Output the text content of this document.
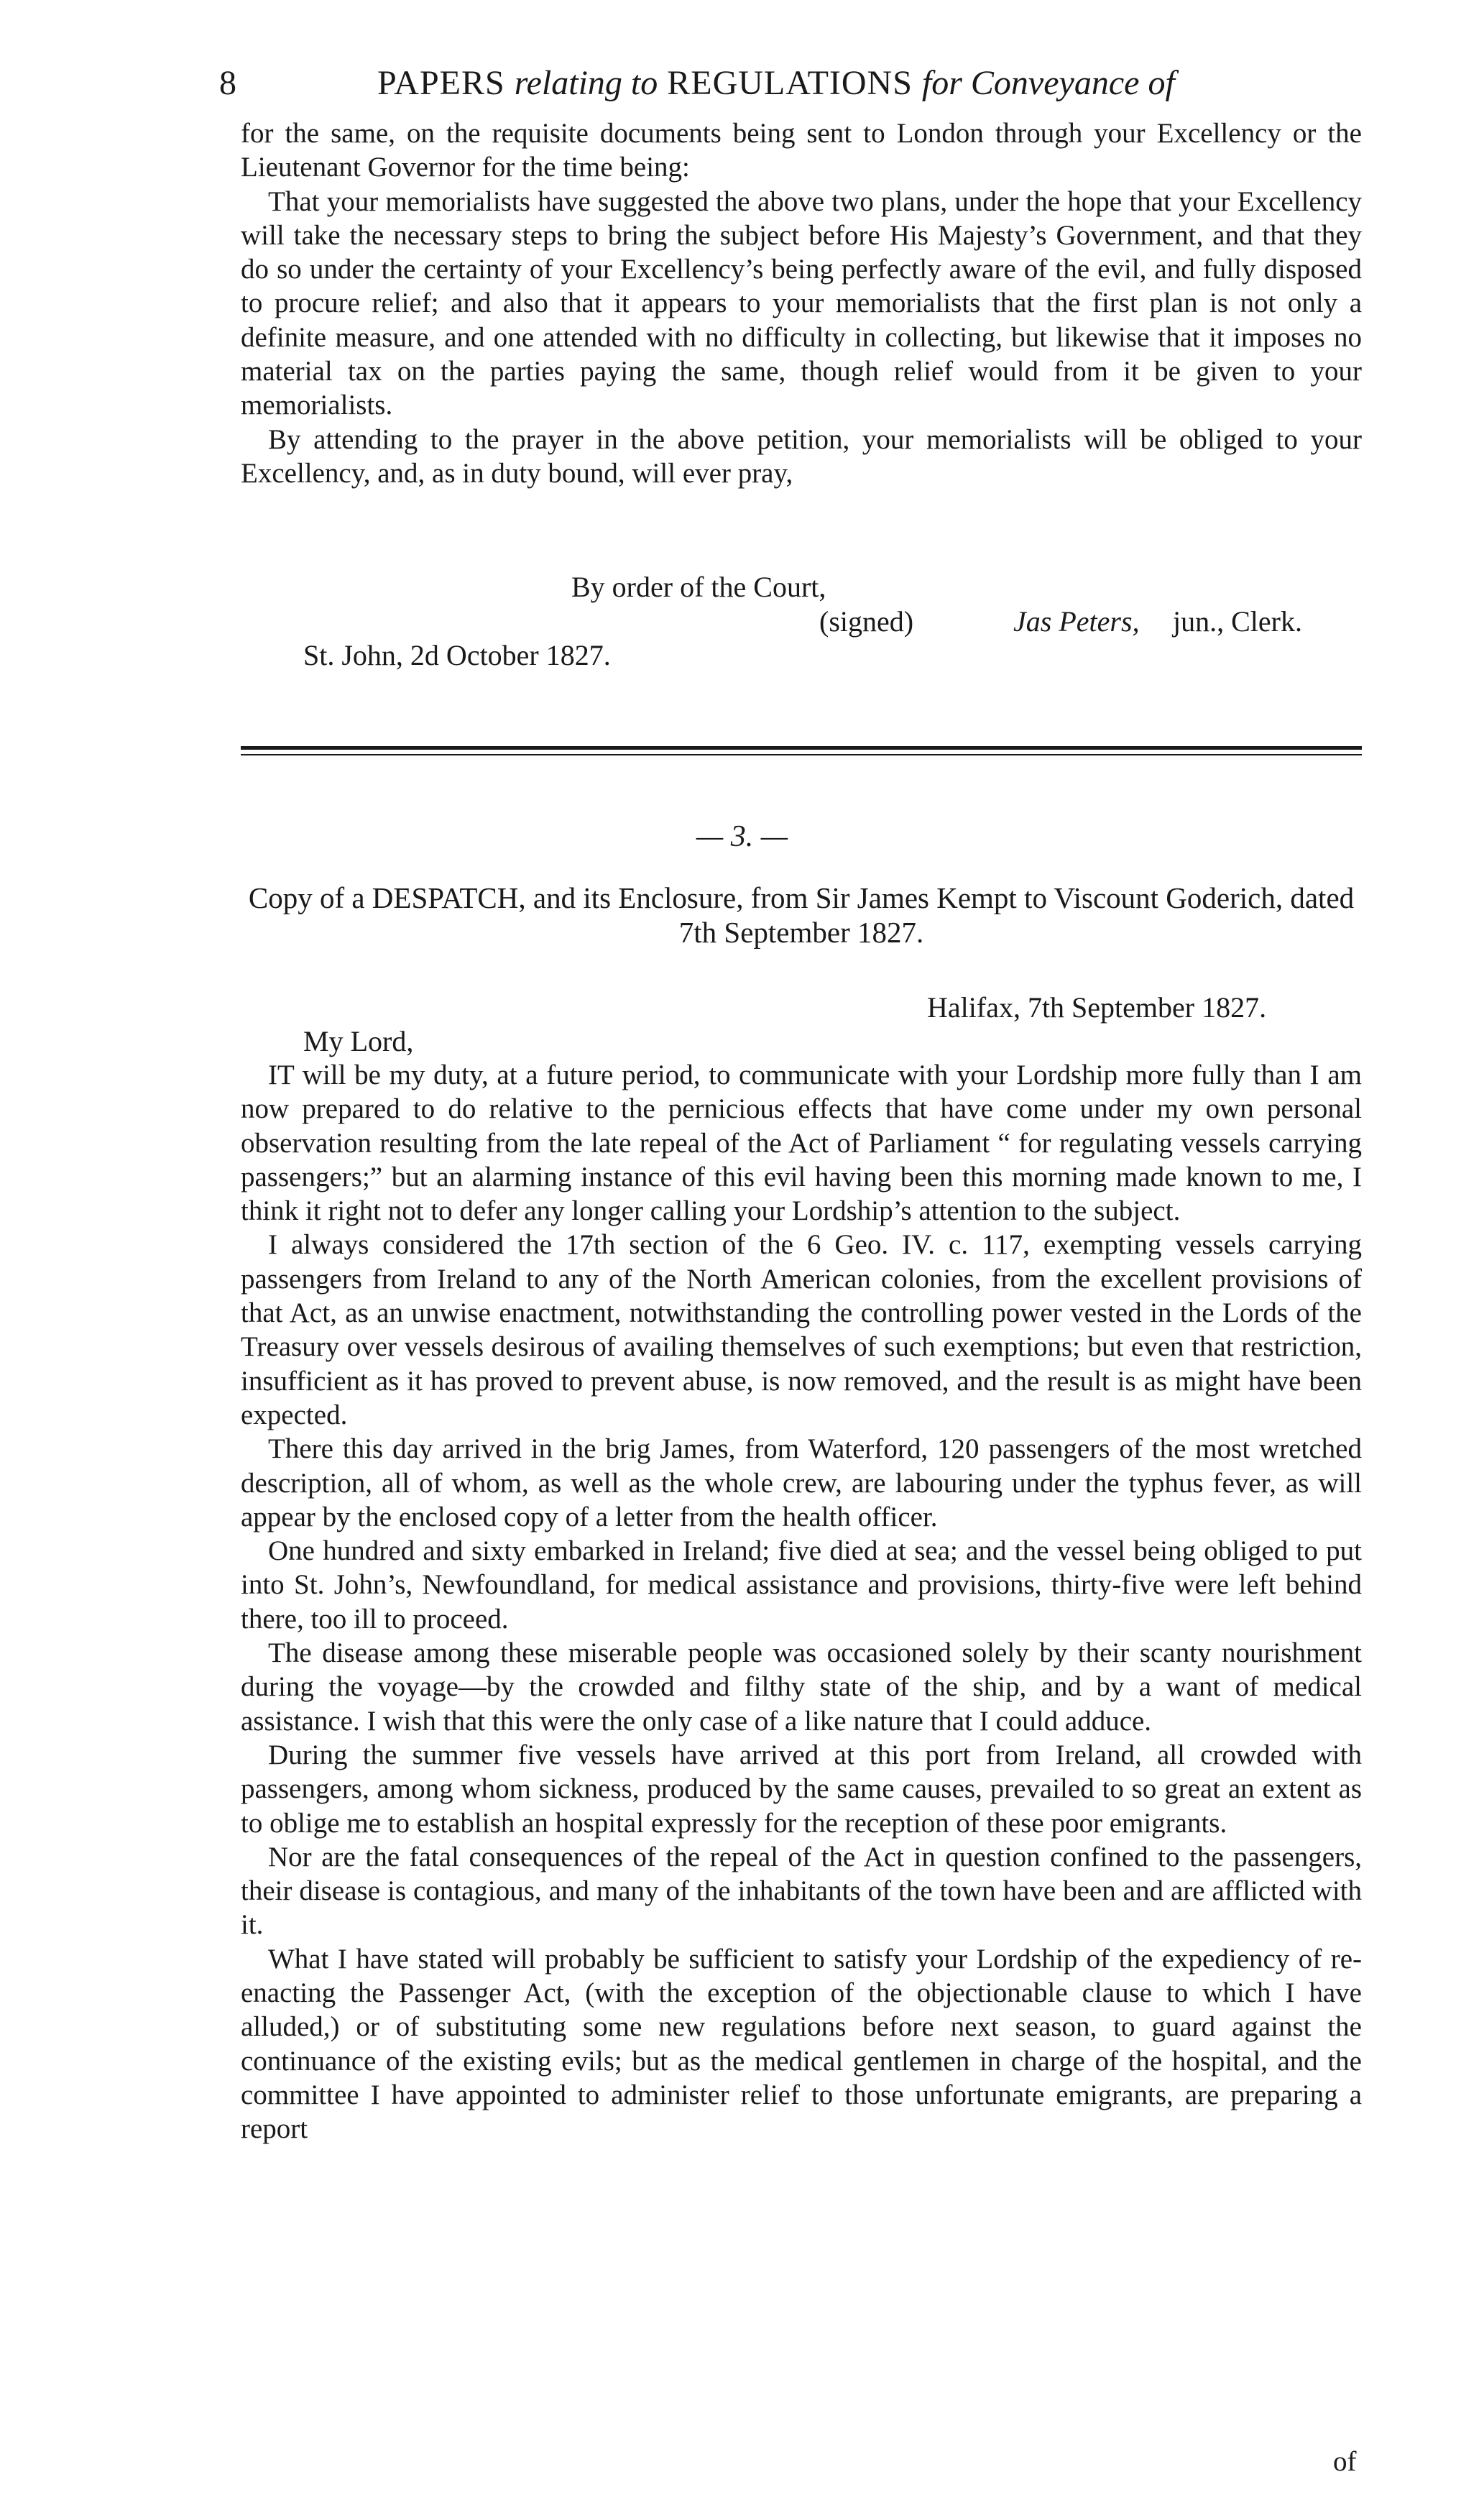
8	PAPERS relating to REGULATIONS for Conveyance of

for the same, on the requisite documents being sent to London through your Excellency or the Lieutenant Governor for the time being:

That your memorialists have suggested the above two plans, under the hope that your Excellency will take the necessary steps to bring the subject before His Majesty’s Government, and that they do so under the certainty of your Excellency’s being perfectly aware of the evil, and fully disposed to procure relief; and also that it appears to your memorialists that the first plan is not only a definite measure, and one attended with no difficulty in collecting, but likewise that it imposes no material tax on the parties paying the same, though relief would from it be given to your memorialists.

By attending to the prayer in the above petition, your memorialists will be obliged to your Excellency, and, as in duty bound, will ever pray,

By order of the Court,
(signed)	Jas Peters, jun., Clerk.
St. John, 2d October 1827.
— 3. —
Copy of a DESPATCH, and its Enclosure, from Sir James Kempt to Viscount Goderich, dated 7th September 1827.
Halifax, 7th September 1827.
My Lord,

IT will be my duty, at a future period, to communicate with your Lordship more fully than I am now prepared to do relative to the pernicious effects that have come under my own personal observation resulting from the late repeal of the Act of Parliament “ for regulating vessels carrying passengers;” but an alarming instance of this evil having been this morning made known to me, I think it right not to defer any longer calling your Lordship’s attention to the subject.

I always considered the 17th section of the 6 Geo. IV. c. 117, exempting vessels carrying passengers from Ireland to any of the North American colonies, from the excellent provisions of that Act, as an unwise enactment, notwithstanding the controlling power vested in the Lords of the Treasury over vessels desirous of availing themselves of such exemptions; but even that restriction, insufficient as it has proved to prevent abuse, is now removed, and the result is as might have been expected.

There this day arrived in the brig James, from Waterford, 120 passengers of the most wretched description, all of whom, as well as the whole crew, are labouring under the typhus fever, as will appear by the enclosed copy of a letter from the health officer.

One hundred and sixty embarked in Ireland; five died at sea; and the vessel being obliged to put into St. John’s, Newfoundland, for medical assistance and provisions, thirty-five were left behind there, too ill to proceed.

The disease among these miserable people was occasioned solely by their scanty nourishment during the voyage—by the crowded and filthy state of the ship, and by a want of medical assistance. I wish that this were the only case of a like nature that I could adduce.

During the summer five vessels have arrived at this port from Ireland, all crowded with passengers, among whom sickness, produced by the same causes, prevailed to so great an extent as to oblige me to establish an hospital expressly for the reception of these poor emigrants.

Nor are the fatal consequences of the repeal of the Act in question confined to the passengers, their disease is contagious, and many of the inhabitants of the town have been and are afflicted with it.

What I have stated will probably be sufficient to satisfy your Lordship of the expediency of re-enacting the Passenger Act, (with the exception of the objectionable clause to which I have alluded,) or of substituting some new regulations before next season, to guard against the continuance of the existing evils; but as the medical gentlemen in charge of the hospital, and the committee I have appointed to administer relief to those unfortunate emigrants, are preparing a report

of
